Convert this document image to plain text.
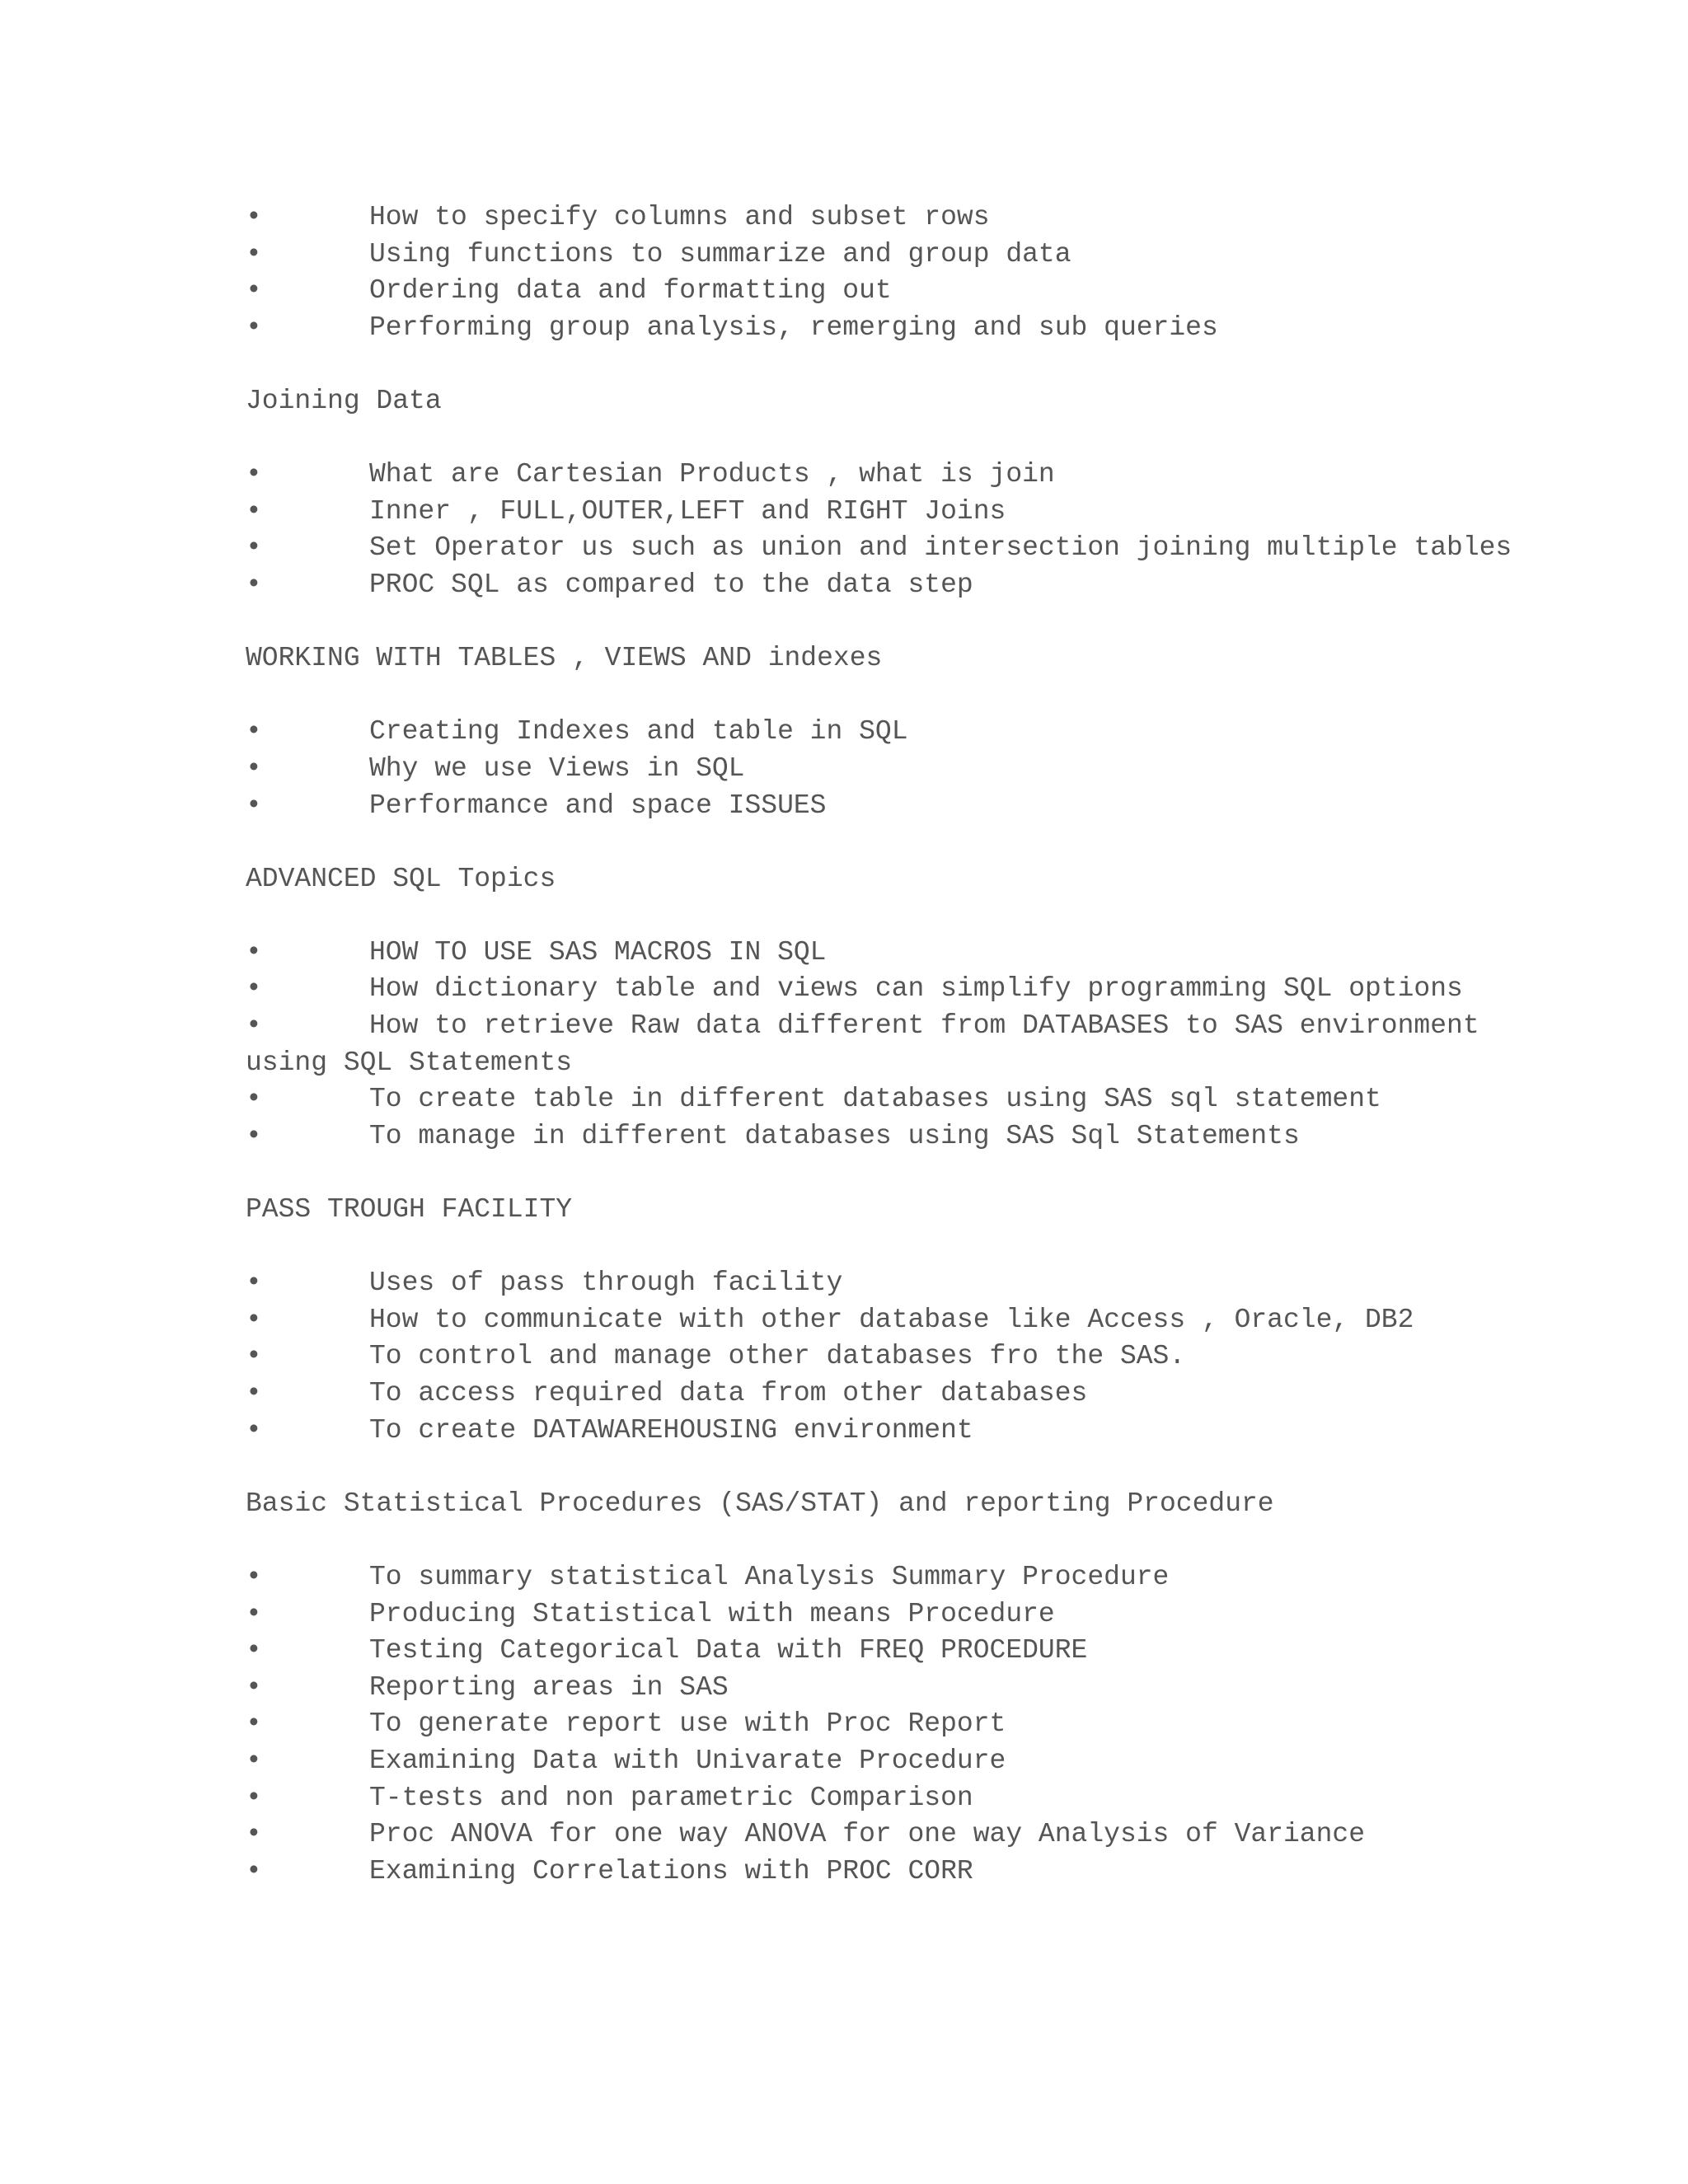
•	How to specify columns and subset rows
•	Using functions to summarize and group data
•	Ordering data and formatting out
•	Performing group analysis, remerging and sub queries
Joining Data
•	What are Cartesian Products , what is join
•	Inner , FULL,OUTER,LEFT and RIGHT Joins
•	Set Operator us such as union and intersection joining multiple tables
•	PROC SQL as compared to the data step
WORKING WITH TABLES , VIEWS AND indexes
•	Creating Indexes and table in SQL
•	Why we use Views in SQL
•	Performance and space ISSUES
ADVANCED SQL Topics
•	HOW TO USE SAS MACROS IN SQL
•	How dictionary table and views can simplify programming SQL options
•	How to retrieve Raw data different from DATABASES to SAS environment using SQL Statements
•	To create table in different databases using SAS sql statement
•	To manage in different databases using SAS Sql Statements
PASS TROUGH FACILITY
•	Uses of pass through facility
•	How to communicate with other database like Access , Oracle, DB2
•	To control and manage other databases fro the SAS.
•	To access required data from other databases
•	To create DATAWAREHOUSING environment
Basic Statistical Procedures (SAS/STAT) and reporting Procedure
•	To summary statistical Analysis Summary Procedure
•	Producing Statistical with means Procedure
•	Testing Categorical Data with FREQ PROCEDURE
•	Reporting areas in SAS
•	To generate report use with Proc Report
•	Examining Data with Univarate Procedure
•	T-tests and non parametric Comparison
•	Proc ANOVA for one way ANOVA for one way Analysis of Variance
•	Examining Correlations with PROC CORR
